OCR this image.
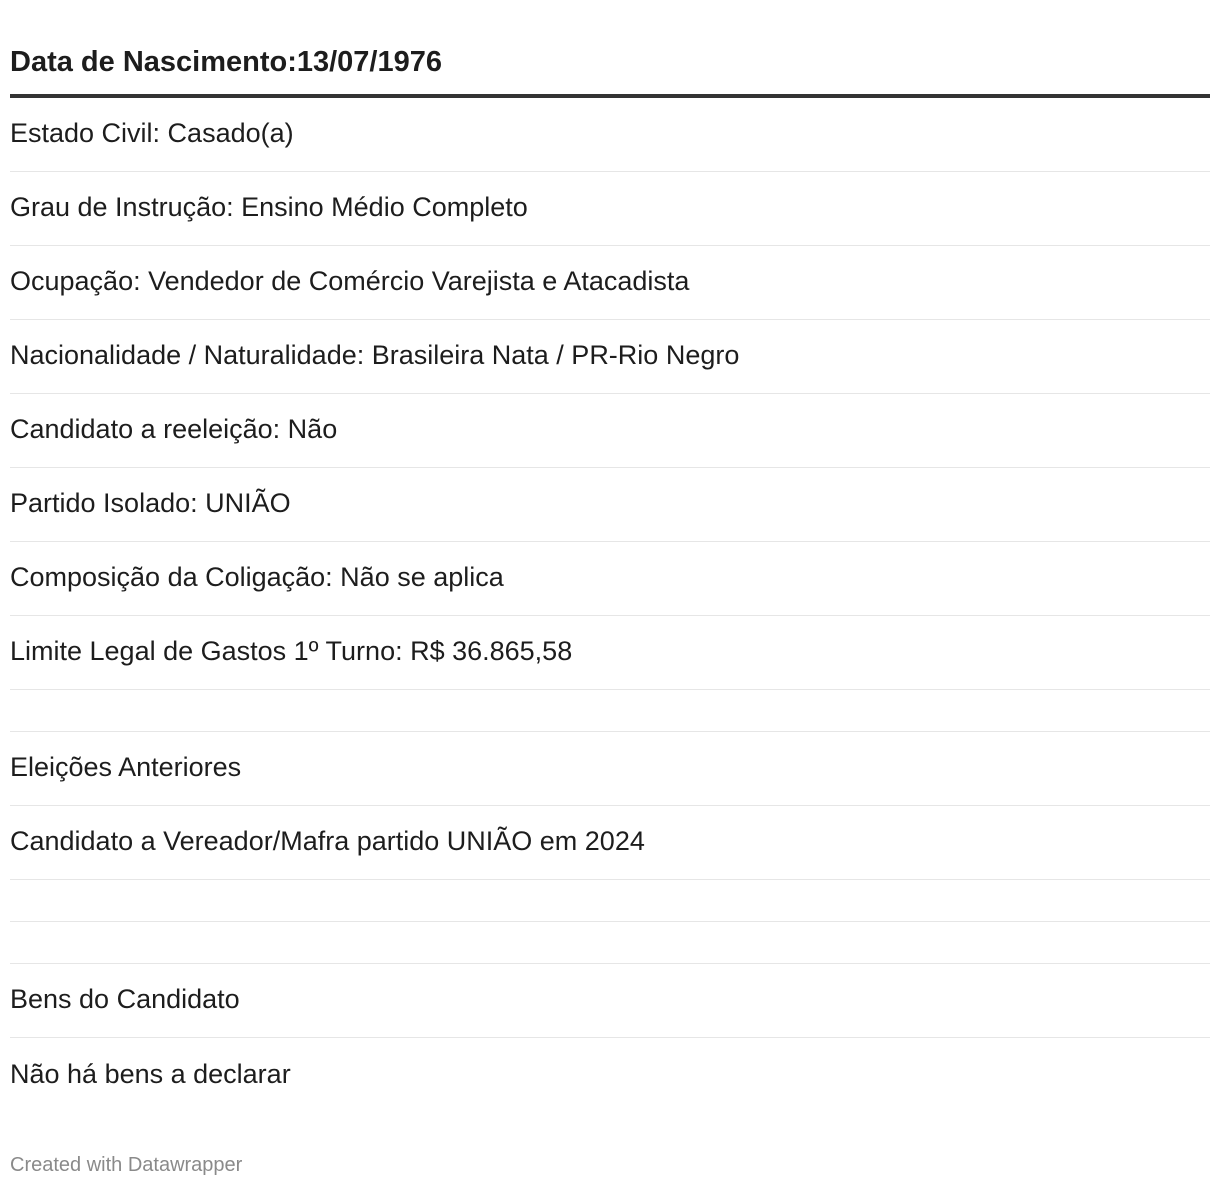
Data de Nascimento:13/07/1976
Estado Civil: Casado(a)
Grau de Instrução: Ensino Médio Completo
Ocupação: Vendedor de Comércio Varejista e Atacadista
Nacionalidade / Naturalidade: Brasileira Nata / PR-Rio Negro
Candidato a reeleição: Não
Partido Isolado: UNIÃO
Composição da Coligação: Não se aplica
Limite Legal de Gastos 1º Turno: R$ 36.865,58
Eleições Anteriores
Candidato a Vereador/Mafra partido UNIÃO em 2024
Bens do Candidato
Não há bens a declarar
Created with Datawrapper
